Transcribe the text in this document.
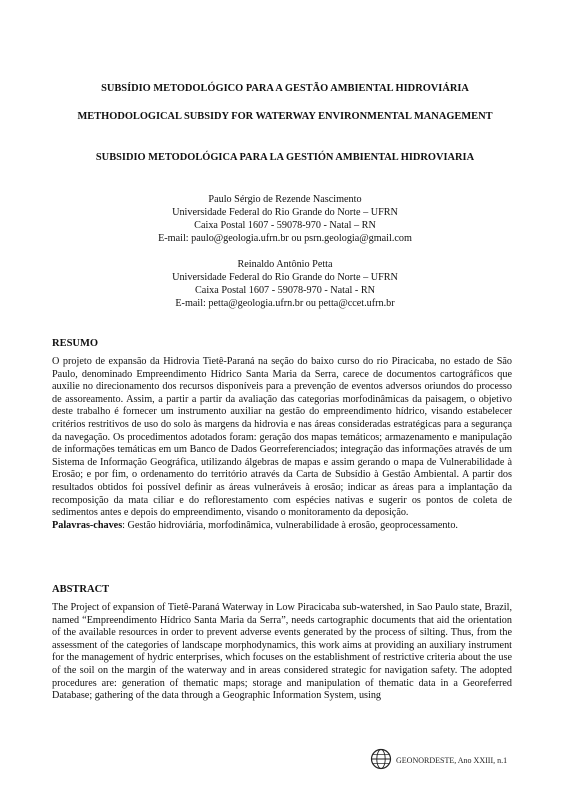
SUBSÍDIO METODOLÓGICO PARA A GESTÃO AMBIENTAL HIDROVIÁRIA
METHODOLOGICAL SUBSIDY FOR WATERWAY ENVIRONMENTAL MANAGEMENT
SUBSIDIO METODOLÓGICA PARA LA GESTIÓN AMBIENTAL HIDROVIARIA
Paulo Sérgio de Rezende Nascimento
Universidade Federal do Rio Grande do Norte – UFRN
Caixa Postal 1607 - 59078-970 - Natal – RN
E-mail: paulo@geologia.ufrn.br ou psrn.geologia@gmail.com
Reinaldo Antônio Petta
Universidade Federal do Rio Grande do Norte – UFRN
Caixa Postal 1607 - 59078-970 - Natal - RN
E-mail: petta@geologia.ufrn.br ou petta@ccet.ufrn.br
RESUMO

O projeto de expansão da Hidrovia Tietê-Paraná na seção do baixo curso do rio Piracicaba, no estado de São Paulo, denominado Empreendimento Hídrico Santa Maria da Serra, carece de documentos cartográficos que auxilie no direcionamento dos recursos disponíveis para a prevenção de eventos adversos oriundos do processo de assoreamento. Assim, a partir a partir da avaliação das categorias morfodinâmicas da paisagem, o objetivo deste trabalho é fornecer um instrumento auxiliar na gestão do empreendimento hídrico, visando estabelecer critérios restritivos de uso do solo às margens da hidrovia e nas áreas consideradas estratégicas para a segurança da navegação. Os procedimentos adotados foram: geração dos mapas temáticos; armazenamento e manipulação de informações temáticas em um Banco de Dados Georreferenciados; integração das informações através de um Sistema de Informação Geográfica, utilizando álgebras de mapas e assim gerando o mapa de Vulnerabilidade à Erosão; e por fim, o ordenamento do território através da Carta de Subsídio à Gestão Ambiental. A partir dos resultados obtidos foi possível definir as áreas vulneráveis à erosão; indicar as áreas para a implantação da recomposição da mata ciliar e do reflorestamento com espécies nativas e sugerir os pontos de coleta de sedimentos antes e depois do empreendimento, visando o monitoramento da deposição.

Palavras-chaves: Gestão hidroviária, morfodinâmica, vulnerabilidade à erosão, geoprocessamento.

ABSTRACT

The Project of expansion of Tietê-Paraná Waterway in Low Piracicaba sub-watershed, in Sao Paulo state, Brazil, named “Empreendimento Hídrico Santa Maria da Serra”, needs cartographic documents that aid the orientation of the available resources in order to prevent adverse events generated by the process of silting. Thus, from the assessment of the categories of landscape morphodynamics, this work aims at providing an auxiliary instrument for the management of hydric enterprises, which focuses on the establishment of restrictive criteria about the use of the soil on the margin of the waterway and in areas considered strategic for navigation safety. The adopted procedures are: generation of thematic maps; storage and manipulation of thematic data in a Georeferred Database; gathering of the data through a Geographic Information System, using

GEONORDESTE, Ano XXIII, n.1
